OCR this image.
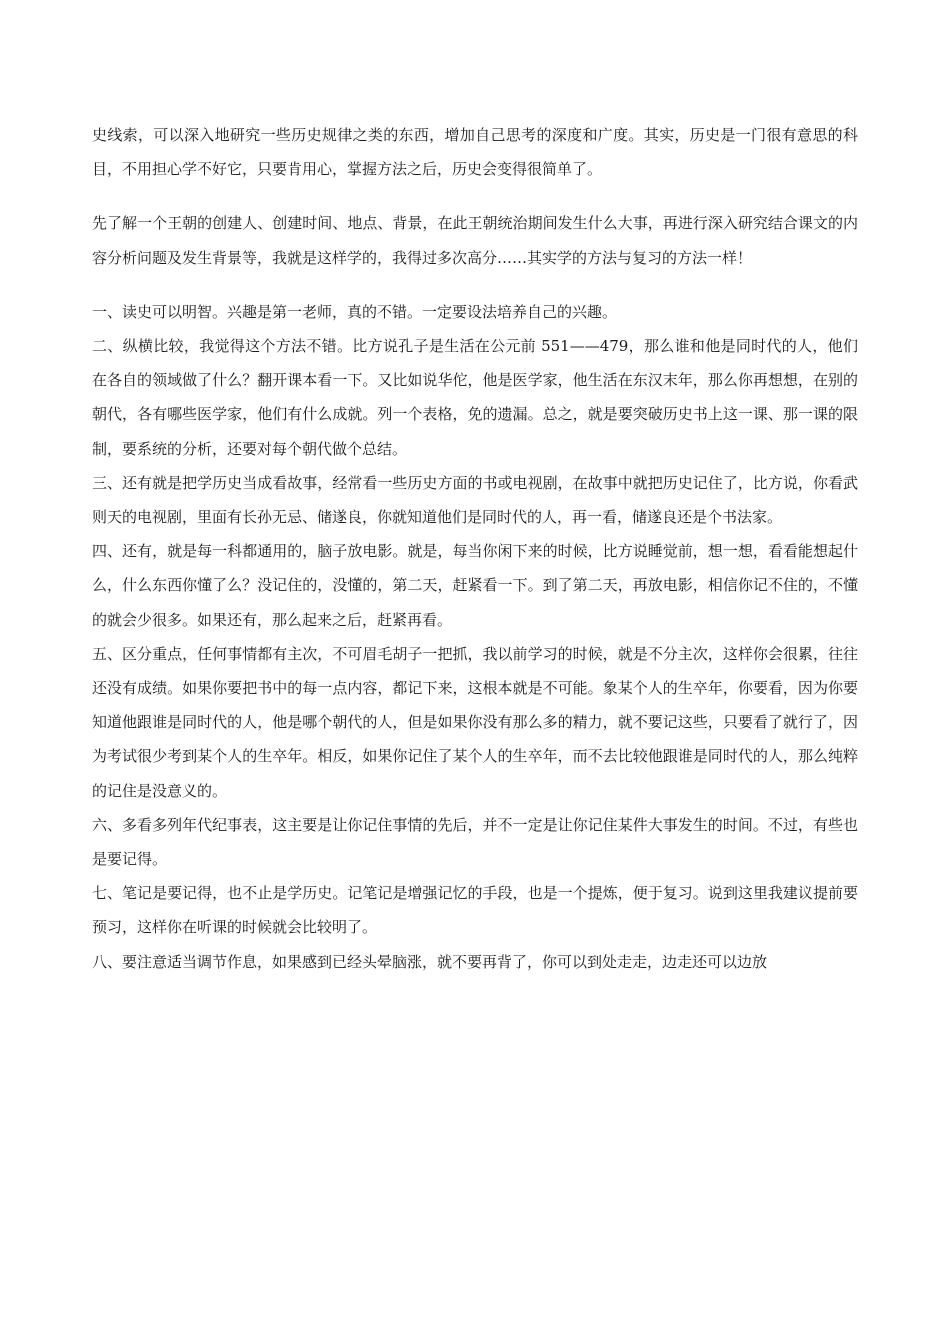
史线索，可以深入地研究一些历史规律之类的东西，增加自己思考的深度和广度。其实，历史是一门很有意思的科目，不用担心学不好它，只要肯用心，掌握方法之后，历史会变得很简单了。

先了解一个王朝的创建人、创建时间、地点、背景，在此王朝统治期间发生什么大事，再进行深入研究结合课文的内容分析问题及发生背景等，我就是这样学的，我得过多次高分……其实学的方法与复习的方法一样！

一、读史可以明智。兴趣是第一老师，真的不错。一定要设法培养自己的兴趣。

二、纵横比较，我觉得这个方法不错。比方说孔子是生活在公元前 551——479，那么谁和他是同时代的人，他们在各自的领域做了什么？翻开课本看一下。又比如说华佗，他是医学家，他生活在东汉末年，那么你再想想，在别的朝代，各有哪些医学家，他们有什么成就。列一个表格，免的遗漏。总之，就是要突破历史书上这一课、那一课的限制，要系统的分析，还要对每个朝代做个总结。

三、还有就是把学历史当成看故事，经常看一些历史方面的书或电视剧，在故事中就把历史记住了，比方说，你看武则天的电视剧，里面有长孙无忌、储遂良，你就知道他们是同时代的人，再一看，储遂良还是个书法家。

四、还有，就是每一科都通用的，脑子放电影。就是，每当你闲下来的时候，比方说睡觉前，想一想，看看能想起什么，什么东西你懂了么？没记住的，没懂的，第二天，赶紧看一下。到了第二天，再放电影，相信你记不住的，不懂的就会少很多。如果还有，那么起来之后，赶紧再看。

五、区分重点，任何事情都有主次，不可眉毛胡子一把抓，我以前学习的时候，就是不分主次，这样你会很累，往往还没有成绩。如果你要把书中的每一点内容，都记下来，这根本就是不可能。象某个人的生卒年，你要看，因为你要知道他跟谁是同时代的人，他是哪个朝代的人，但是如果你没有那么多的精力，就不要记这些，只要看了就行了，因为考试很少考到某个人的生卒年。相反，如果你记住了某个人的生卒年，而不去比较他跟谁是同时代的人，那么纯粹的记住是没意义的。

六、多看多列年代纪事表，这主要是让你记住事情的先后，并不一定是让你记住某件大事发生的时间。不过，有些也是要记得。

七、笔记是要记得，也不止是学历史。记笔记是增强记忆的手段，也是一个提炼，便于复习。说到这里我建议提前要预习，这样你在听课的时候就会比较明了。

八、要注意适当调节作息，如果感到已经头晕脑涨，就不要再背了，你可以到处走走，边走还可以边放
